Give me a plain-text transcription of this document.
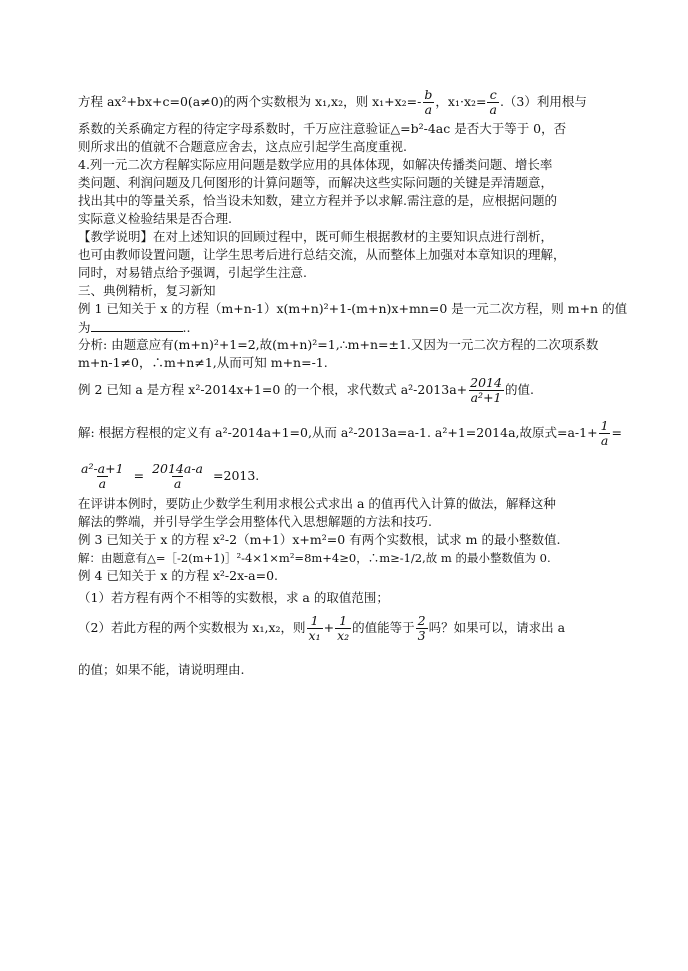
方程 ax²+bx+c=0(a≠0)的两个实数根为 x₁,x₂，则 $x_1+x_2=- \frac{b}{a}$ ，$x_1\cdot x_2= \frac{c}{a} .(3)$利用根与
系数的关系确定方程的待定字母系数时，千万应注意验证△=b²-4ac 是否大于等于 0，否
则所求出的值就不合题意应舍去，这点应引起学生高度重视.
4.列一元二次方程解实际应用问题是数学应用的具体体现，如解决传播类问题、增长率
类问题、利润问题及几何图形的计算问题等，而解决这些实际问题的关键是弄清题意，
找出其中的等量关系，恰当设未知数，建立方程并予以求解.需注意的是，应根据问题的
实际意义检验结果是否合理.
【教学说明】在对上述知识的回顾过程中，既可师生根据教材的主要知识点进行剖析，
也可由教师设置问题，让学生思考后进行总结交流，从而整体上加强对本章知识的理解，
同时，对易错点给予强调，引起学生注意.
三、典例精析，复习新知
例 1 已知关于 x 的方程（m+n-1）x(m+n)²+1-(m+n)x+mn=0 是一元二次方程，则 m+n 的值
为	..
分析: 由题意应有(m+n)²+1=2,故(m+n)²=1,∴m+n=±1.又因为一元二次方程的二次项系数
m+n-1≠0，∴m+n≠1,从而可知 m+n=-1.
例 2 已知 a 是方程 x²-2014x+1=0 的一个根，求代数式 $a^2-2013a+ \frac{2014}{\text{a²+1}}$ 的值.
解: 根据方程根的定义有 a²-2014a+1=0,从而 a²-2013a=a-1. a²+1=2014a,故原式$=a-1+ \frac{1}{a}$ =
$\frac{\text{a²-a+1}}{a} = \frac{2014a-a}{a} =2013$.
在评讲本例时，要防止少数学生利用求根公式求出 a 的值再代入计算的做法，解释这种
解法的弊端，并引导学生学会用整体代入思想解题的方法和技巧.
例 3 已知关于 x 的方程 x²-2（m+1）x+m²=0 有两个实数根，试求 m 的最小整数值.
解：由题意有△=［-2(m+1)］²-4×1×m²=8m+4≥0，∴m≥-1/2,故 m 的最小整数值为 0.
例 4 已知关于 x 的方程 x²-2x-a=0.
（1）若方程有两个不相等的实数根，求 a 的取值范围；
（2）若此方程的两个实数根为 x₁,x₂，则 $\frac{1}{\text{x₁}} + \frac{1}{\text{x₂}}$ 的值能等于 $\frac{2}{3}$ 吗？如果可以，请求出 a
的值；如果不能，请说明理由.
